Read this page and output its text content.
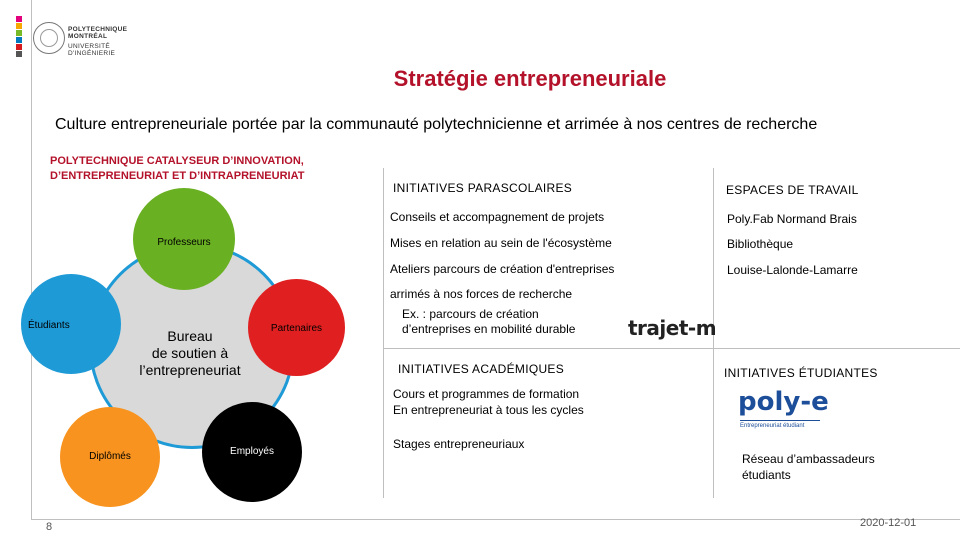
POLYTECHNIQUE
MONTRÉAL
UNIVERSITÉ
D'INGÉNIERIE
Stratégie entrepreneuriale
Culture entrepreneuriale portée par la communauté polytechnicienne et arrimée à nos centres de recherche
POLYTECHNIQUE CATALYSEUR D’INNOVATION,
D’ENTREPRENEURIAT ET D’INTRAPRENEURIAT
Bureau
de soutien à
l’entrepreneuriat
Professeurs
Partenaires
Étudiants
Diplômés	Employés
INITIATIVES PARASCOLAIRES
Conseils et accompagnement de projets
Mises en relation au sein de l'écosystème
Ateliers parcours de création d'entreprises
arrimés à nos forces de recherche
Ex. : parcours de création
d’entreprises en mobilité durable	trajet-m
ESPACES DE TRAVAIL
Poly.Fab Normand Brais
Bibliothèque
Louise-Lalonde-Lamarre
INITIATIVES ACADÉMIQUES
Cours et programmes de formation
En entrepreneuriat à tous les cycles
Stages entrepreneuriaux
INITIATIVES ÉTUDIANTES
poly-e
Entrepreneuriat étudiant
Réseau d’ambassadeurs
étudiants
8	2020-12-01
